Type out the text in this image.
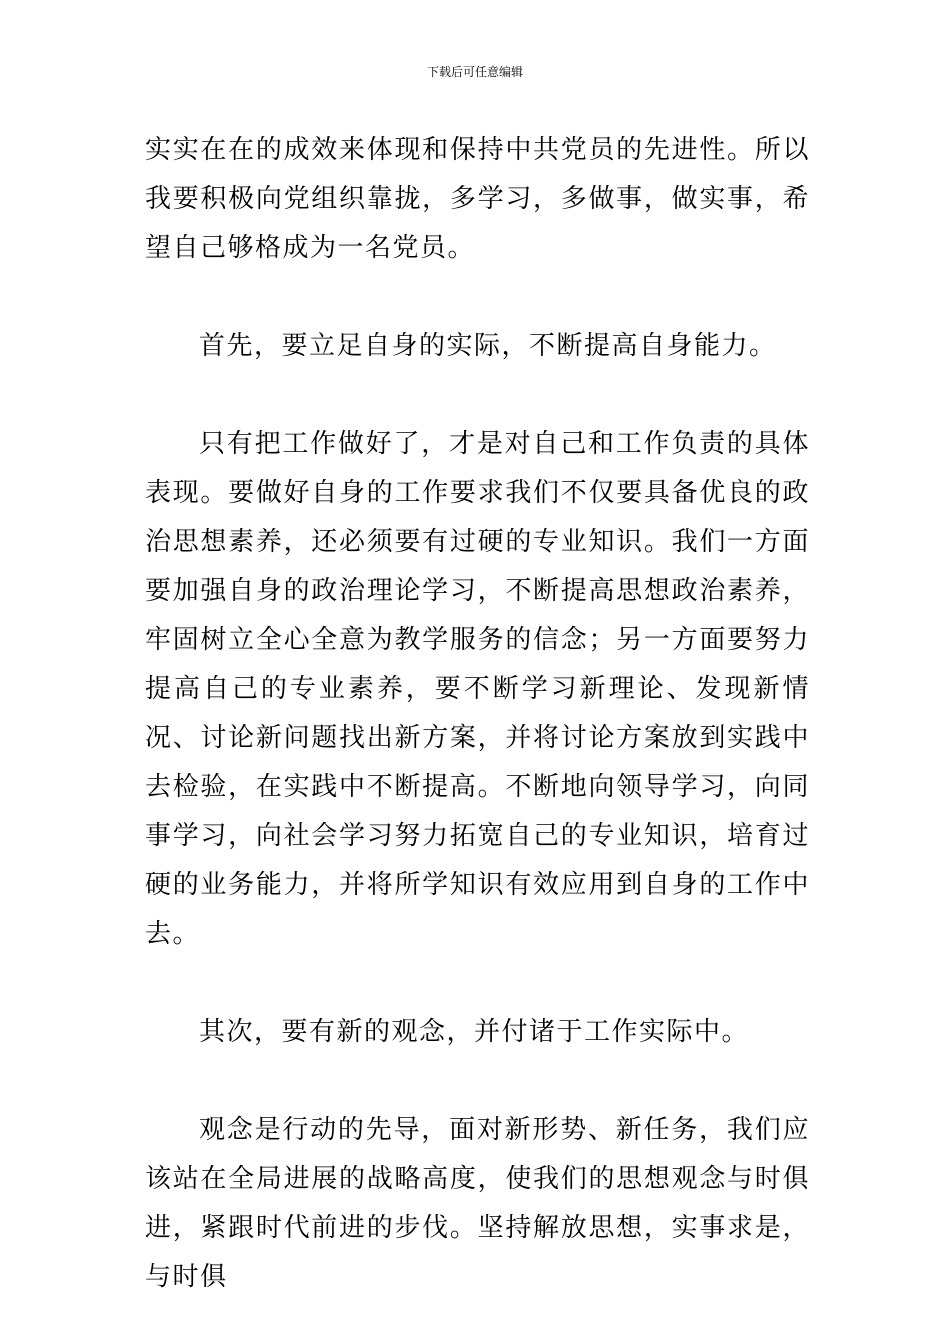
下载后可任意编辑

实实在在的成效来体现和保持中共党员的先进性。所以我要积极向党组织靠拢，多学习，多做事，做实事，希望自己够格成为一名党员。

首先，要立足自身的实际，不断提高自身能力。

只有把工作做好了，才是对自己和工作负责的具体表现。要做好自身的工作要求我们不仅要具备优良的政治思想素养，还必须要有过硬的专业知识。我们一方面要加强自身的政治理论学习，不断提高思想政治素养，牢固树立全心全意为教学服务的信念；另一方面要努力提高自己的专业素养，要不断学习新理论、发现新情况、讨论新问题找出新方案，并将讨论方案放到实践中去检验，在实践中不断提高。不断地向领导学习，向同事学习，向社会学习努力拓宽自己的专业知识，培育过硬的业务能力，并将所学知识有效应用到自身的工作中去。

其次，要有新的观念，并付诸于工作实际中。

观念是行动的先导，面对新形势、新任务，我们应该站在全局进展的战略高度，使我们的思想观念与时俱进，紧跟时代前进的步伐。坚持解放思想，实事求是，与时俱
